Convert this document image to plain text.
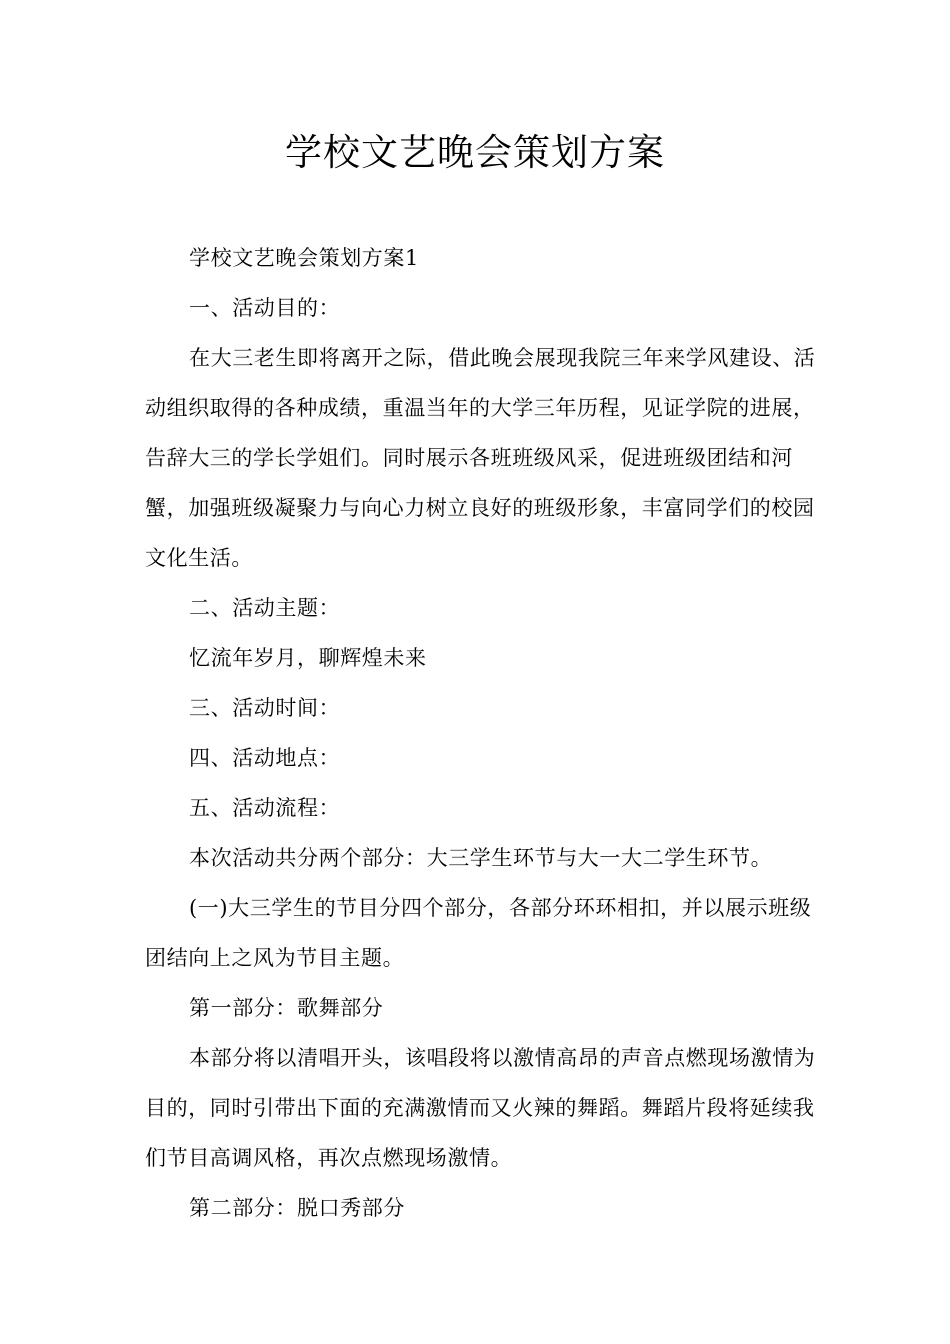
学校文艺晚会策划方案

学校文艺晚会策划方案1

一、活动目的：

在大三老生即将离开之际，借此晚会展现我院三年来学风建设、活动组织取得的各种成绩，重温当年的大学三年历程，见证学院的进展，告辞大三的学长学姐们。同时展示各班班级风采，促进班级团结和河蟹，加强班级凝聚力与向心力树立良好的班级形象，丰富同学们的校园文化生活。

二、活动主题：

忆流年岁月，聊辉煌未来

三、活动时间：

四、活动地点：

五、活动流程：

本次活动共分两个部分：大三学生环节与大一大二学生环节。

(一)大三学生的节目分四个部分，各部分环环相扣，并以展示班级团结向上之风为节目主题。

第一部分：歌舞部分

本部分将以清唱开头，该唱段将以激情高昂的声音点燃现场激情为目的，同时引带出下面的充满激情而又火辣的舞蹈。舞蹈片段将延续我们节目高调风格，再次点燃现场激情。

第二部分：脱口秀部分
